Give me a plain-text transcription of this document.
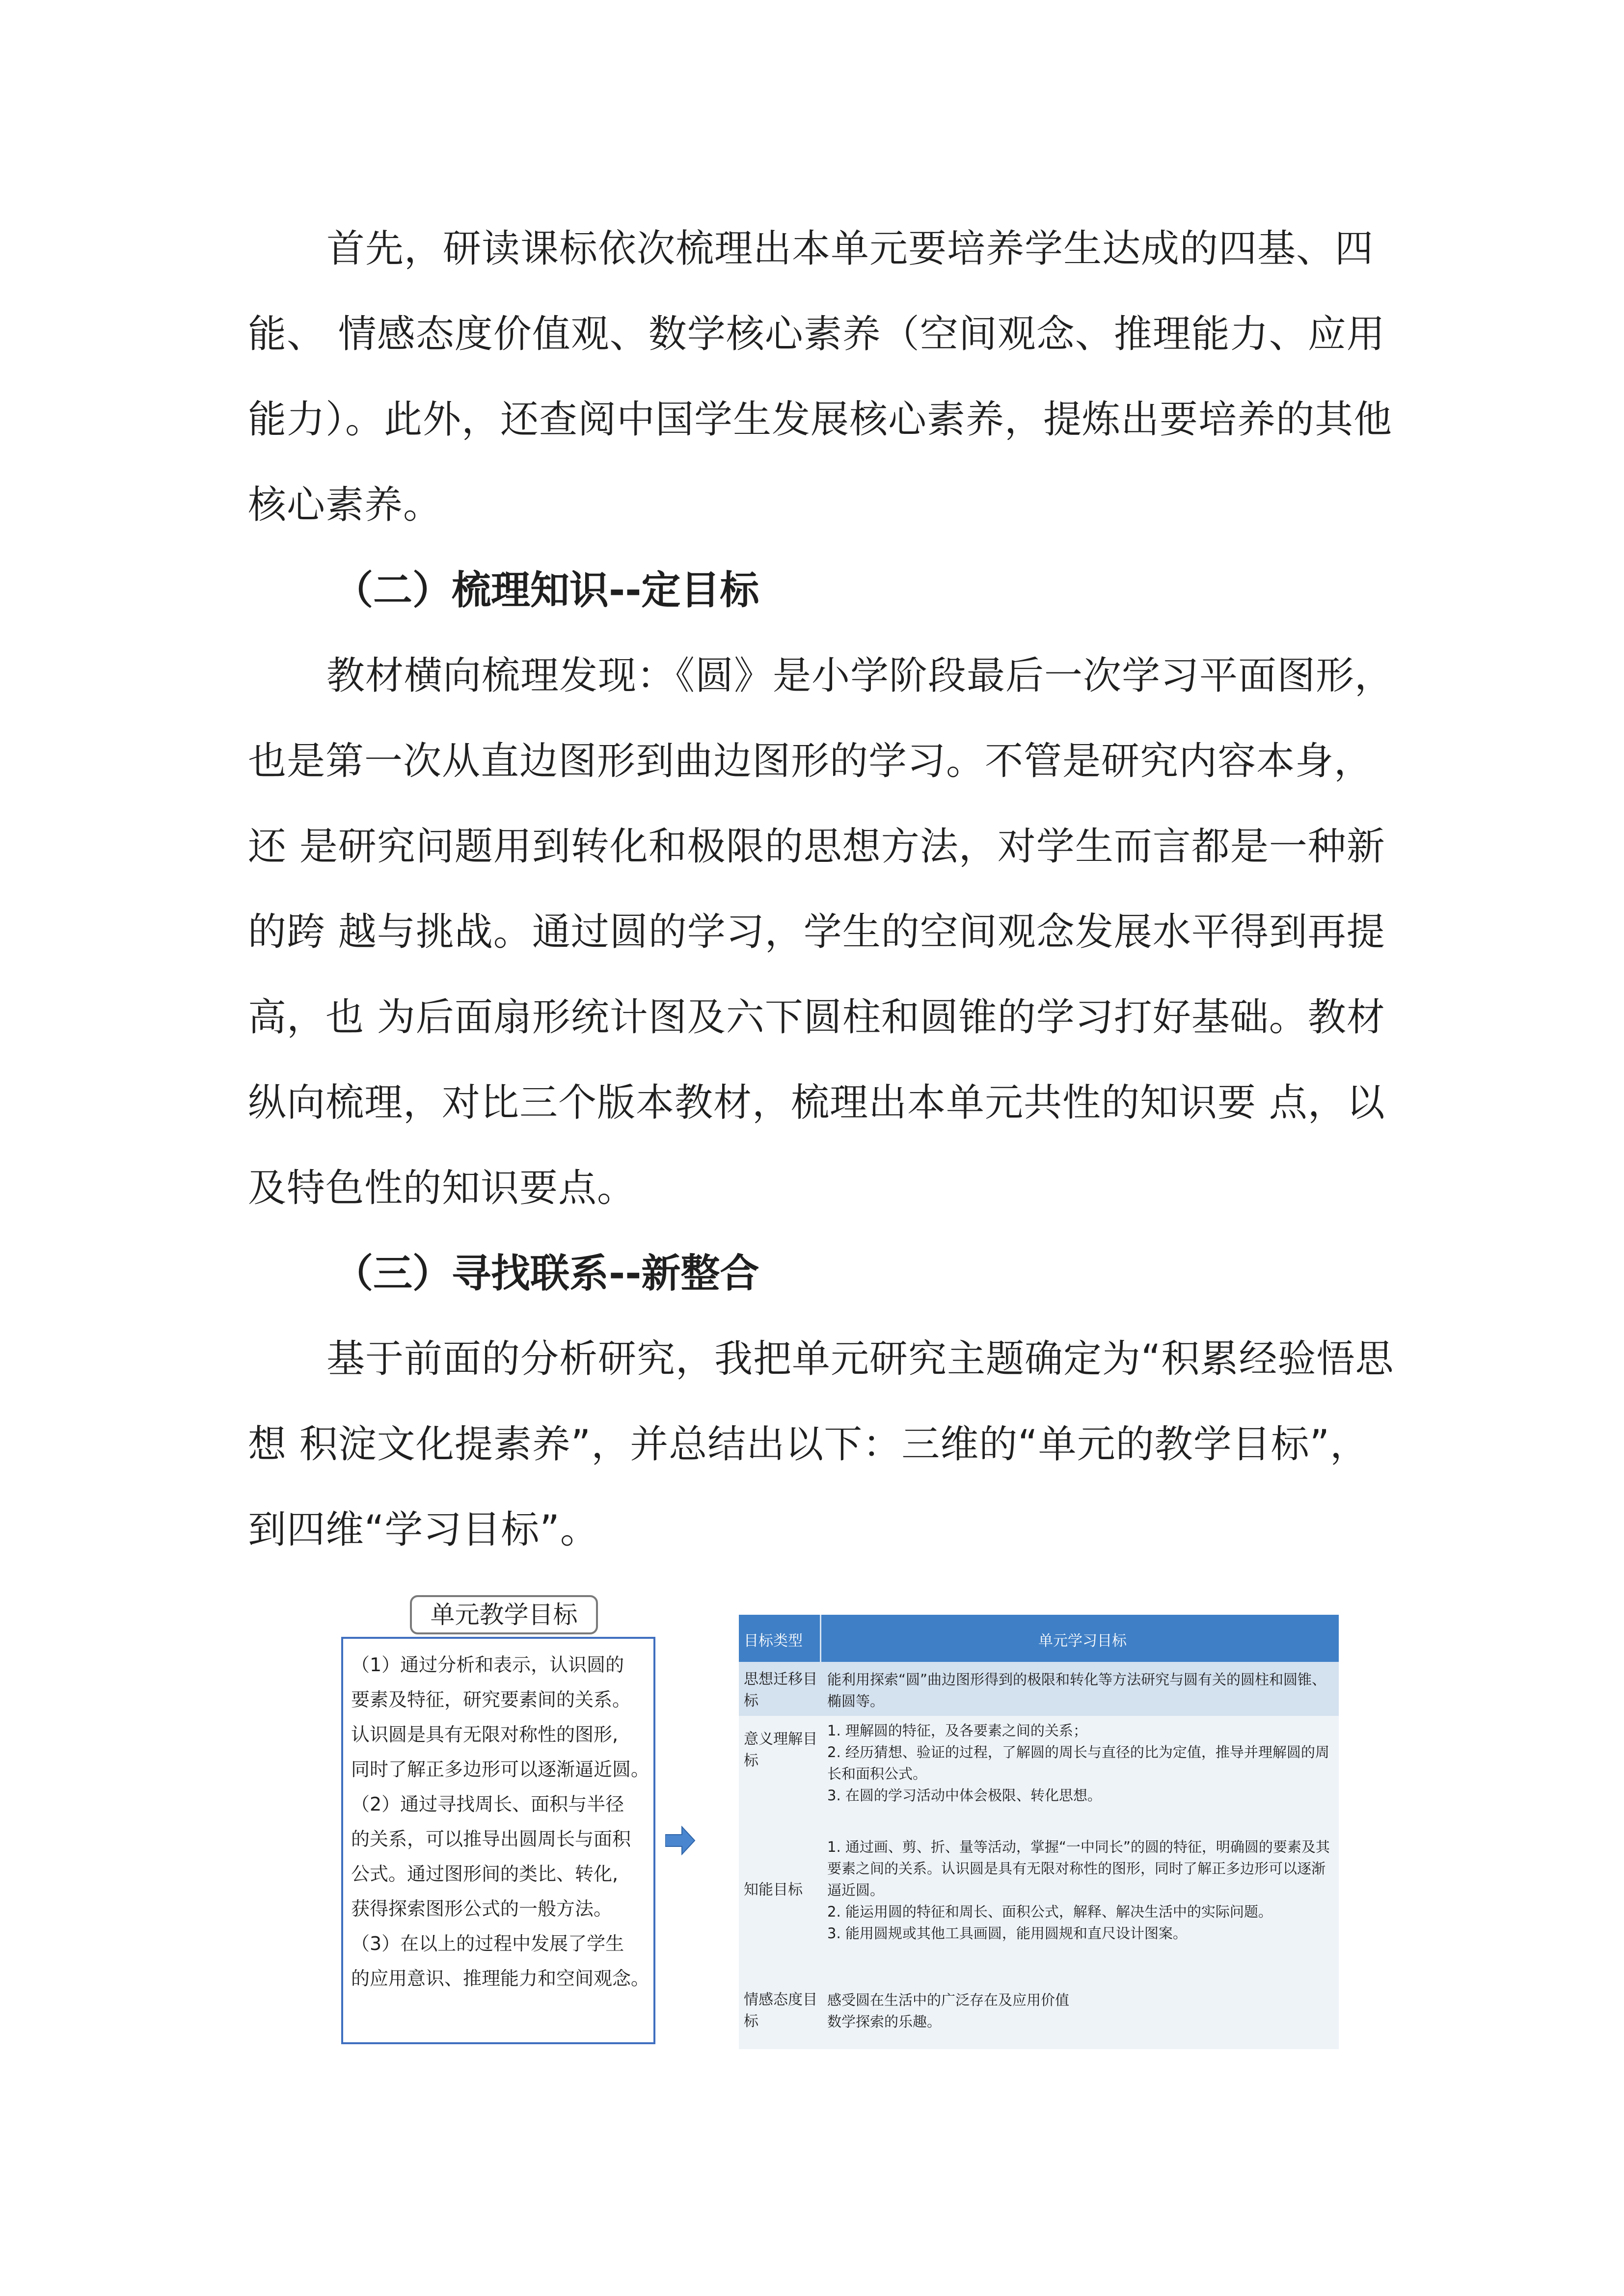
首先，研读课标依次梳理出本单元要培养学生达成的四基、四能、 情感态度价值观、数学核心素养（空间观念、推理能力、应用能力）。此外，还查阅中国学生发展核心素养，提炼出要培养的其他核心素养。

（二）梳理知识--定目标

教材横向梳理发现：《圆》是小学阶段最后一次学习平面图形， 也是第一次从直边图形到曲边图形的学习。不管是研究内容本身，还 是研究问题用到转化和极限的思想方法，对学生而言都是一种新的跨 越与挑战。通过圆的学习，学生的空间观念发展水平得到再提高，也 为后面扇形统计图及六下圆柱和圆锥的学习打好基础。教材纵向梳理，对比三个版本教材，梳理出本单元共性的知识要 点，以及特色性的知识要点。

（三）寻找联系--新整合

基于前面的分析研究，我把单元研究主题确定为“积累经验悟思 想 积淀文化提素养”，并总结出以下：三维的“单元的教学目标”， 到四维“学习目标”。

（1）通过分析和表示，认识圆的

要素及特征，研究要素间的关系。

认识圆是具有无限对称性的图形,

同时了解正多边形可以逐渐逼近圆。

（2）通过寻找周长、面积与半径

的关系，可以推导出圆周长与面积

公式。通过图形间的类比、转化,

获得探索图形公式的一般方法。

（3）在以上的过程中发展了学生

的应用意识、推理能力和空间观念。

单元教学目标
目标类型	单元学习目标
思想迁移目标

能利用探索“圆”曲边图形得到的极限和转化等方法研究与圆有关的圆柱和圆锥、椭圆等。

意义理解目标

1. 理解圆的特征，及各要素之间的关系；

2. 经历猜想、验证的过程，了解圆的周长与直径的比为定值，推导并理解圆的周长和面积公式。

3. 在圆的学习活动中体会极限、转化思想。

知能目标

1. 通过画、剪、折、量等活动，掌握“一中同长”的圆的特征，明确圆的要素及其要素之间的关系。认识圆是具有无限对称性的图形，同时了解正多边形可以逐渐逼近圆。

2. 能运用圆的特征和周长、面积公式，解释、解决生活中的实际问题。

3. 能用圆规或其他工具画圆，能用圆规和直尺设计图案。

情感态度目标

感受圆在生活中的广泛存在及应用价值

数学探索的乐趣。
